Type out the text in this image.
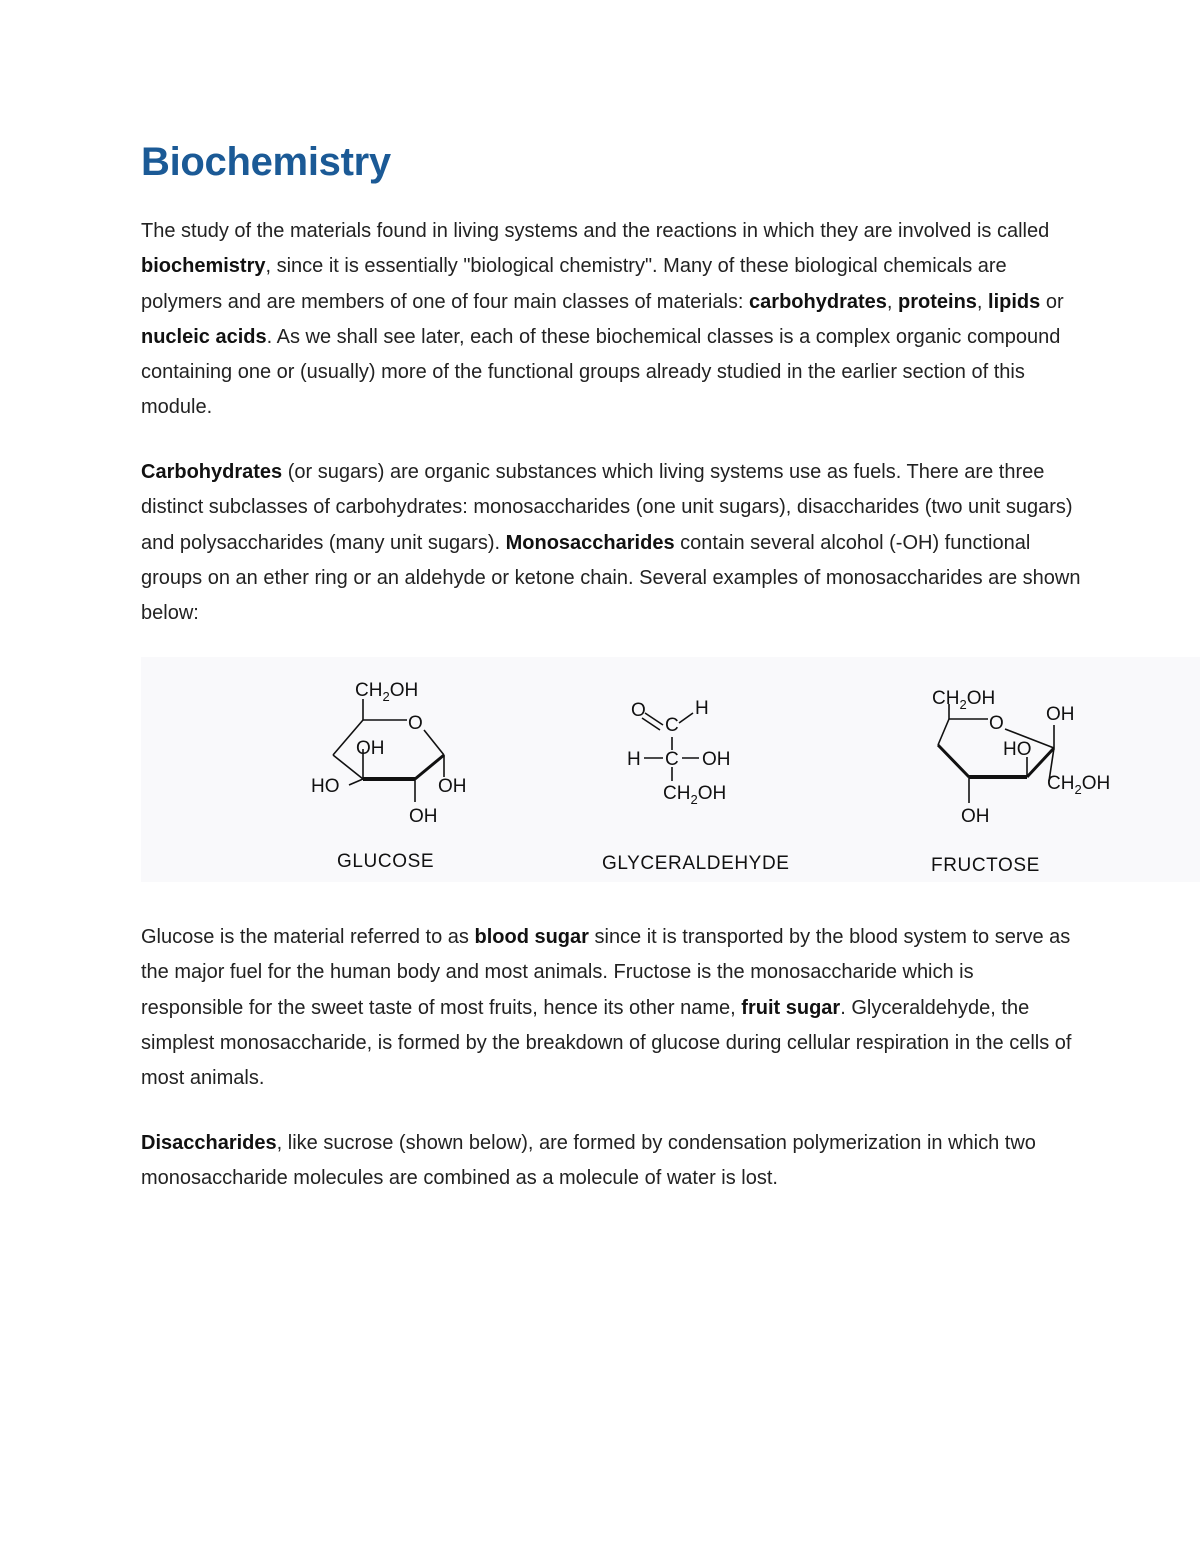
Biochemistry

The study of the materials found in living systems and the reactions in which they are involved is called biochemistry, since it is essentially "biological chemistry". Many of these biological chemicals are polymers and are members of one of four main classes of materials: carbohydrates, proteins, lipids or nucleic acids. As we shall see later, each of these biochemical classes is a complex organic compound containing one or (usually) more of the functional groups already studied in the earlier section of this module.

Carbohydrates (or sugars) are organic substances which living systems use as fuels. There are three distinct subclasses of carbohydrates: monosaccharides (one unit sugars), disaccharides (two unit sugars) and polysaccharides (many unit sugars). Monosaccharides contain several alcohol (-OH) functional groups on an ether ring or an aldehyde or ketone chain. Several examples of monosaccharides are shown below:

$CH_2OH$
O
OH
HO	OH
OH
GLUCOSE
O
C
H
H C OH
$CH_2OH$
GLYCERALDEHYDE
$CH_2OH$
O OH
HO
$CH_2OH$
OH
FRUCTOSE

Glucose is the material referred to as blood sugar since it is transported by the blood system to serve as the major fuel for the human body and most animals. Fructose is the monosaccharide which is responsible for the sweet taste of most fruits, hence its other name, fruit sugar. Glyceraldehyde, the simplest monosaccharide, is formed by the breakdown of glucose during cellular respiration in the cells of most animals.

Disaccharides, like sucrose (shown below), are formed by condensation polymerization in which two monosaccharide molecules are combined as a molecule of water is lost.
